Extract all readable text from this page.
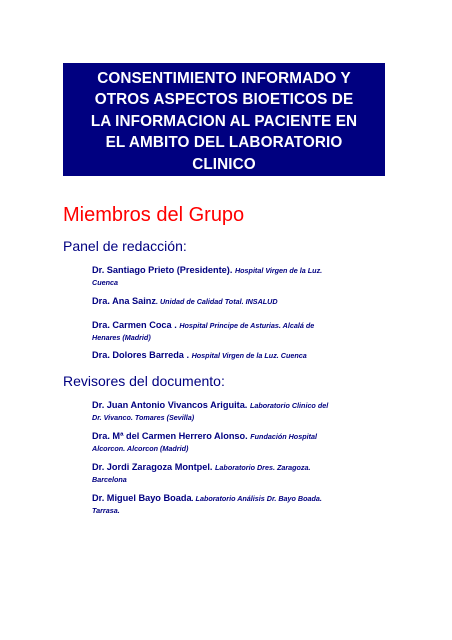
CONSENTIMIENTO INFORMADO Y
OTROS ASPECTOS BIOETICOS DE
LA INFORMACION AL PACIENTE EN
EL AMBITO DEL LABORATORIO
CLINICO
Miembros del Grupo
Panel de redacción:
Dr. Santiago Prieto (Presidente). Hospital Virgen de la Luz.
Cuenca
Dra. Ana Sainz. Unidad de Calidad Total. INSALUD
Dra. Carmen Coca . Hospital Principe de Asturias. Alcalá de
Henares (Madrid)
Dra. Dolores Barreda . Hospital Virgen de la Luz. Cuenca
Revisores del documento:
Dr. Juan Antonio Vivancos Ariguita. Laboratorio Clinico del
Dr. Vivanco. Tomares (Sevilla)
Dra. Mª del Carmen Herrero Alonso. Fundación Hospital
Alcorcon. Alcorcon (Madrid)
Dr. Jordi Zaragoza Montpel. Laboratorio Dres. Zaragoza.
Barcelona
Dr. Miguel Bayo Boada. Laboratorio Análisis Dr. Bayo Boada.
Tarrasa.
